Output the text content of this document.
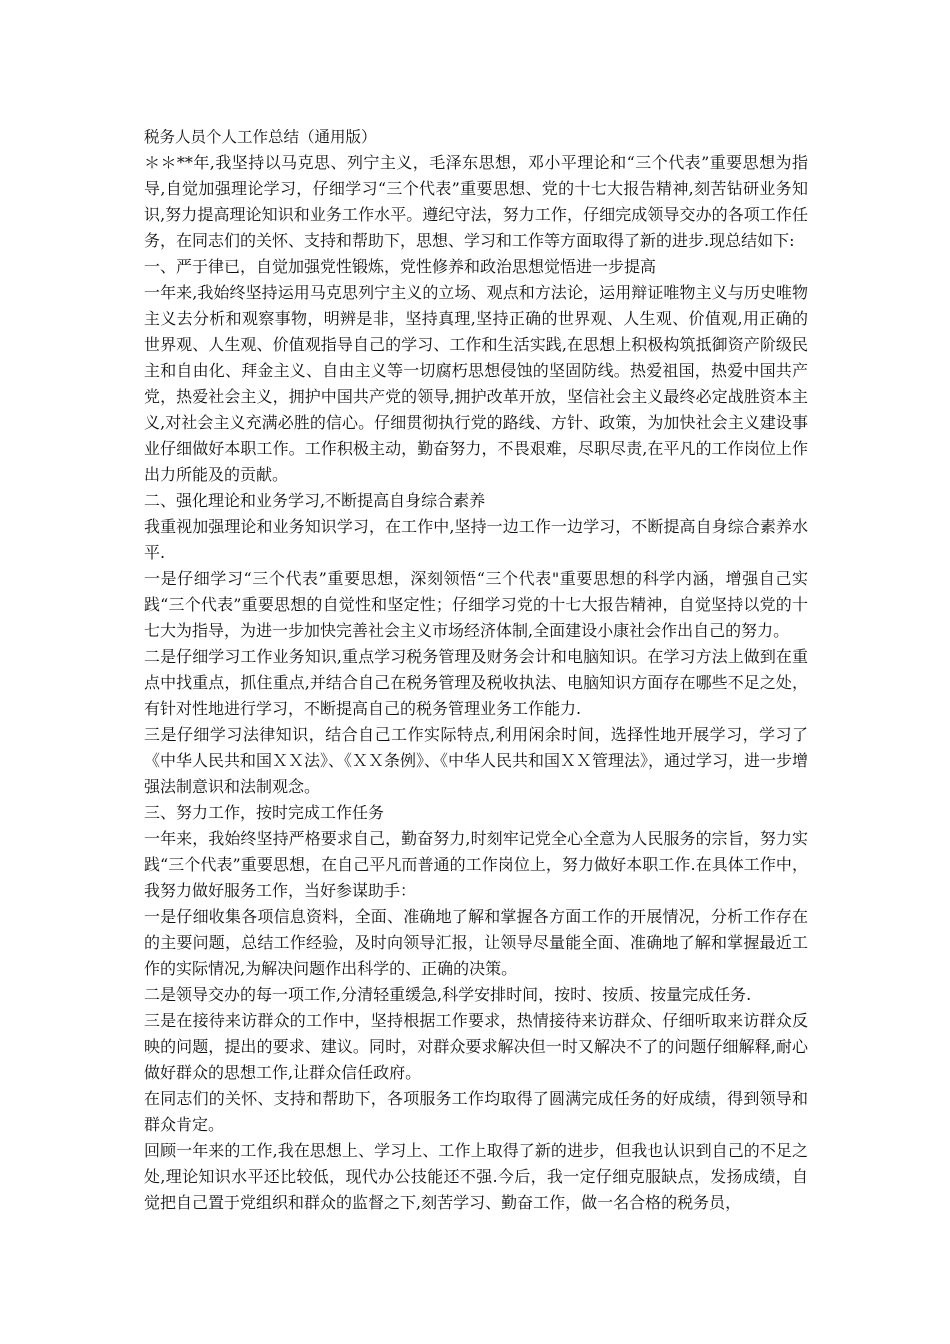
税务人员个人工作总结（通用版）

＊＊**年,我坚持以马克思、列宁主义，毛泽东思想，邓小平理论和“三个代表”重要思想为指导,自觉加强理论学习，仔细学习“三个代表”重要思想、党的十七大报告精神,刻苦钻研业务知识,努力提高理论知识和业务工作水平。遵纪守法，努力工作，仔细完成领导交办的各项工作任务，在同志们的关怀、支持和帮助下，思想、学习和工作等方面取得了新的进步.现总结如下:

一、严于律已，自觉加强党性锻炼，党性修养和政治思想觉悟进一步提高

一年来,我始终坚持运用马克思列宁主义的立场、观点和方法论，运用辩证唯物主义与历史唯物主义去分析和观察事物，明辨是非，坚持真理,坚持正确的世界观、人生观、价值观,用正确的世界观、人生观、价值观指导自己的学习、工作和生活实践,在思想上积极构筑抵御资产阶级民主和自由化、拜金主义、自由主义等一切腐朽思想侵蚀的坚固防线。热爱祖国，热爱中国共产党，热爱社会主义，拥护中国共产党的领导,拥护改革开放，坚信社会主义最终必定战胜资本主义,对社会主义充满必胜的信心。仔细贯彻执行党的路线、方针、政策，为加快社会主义建设事业仔细做好本职工作。工作积极主动，勤奋努力，不畏艰难，尽职尽责,在平凡的工作岗位上作出力所能及的贡献。

二、强化理论和业务学习,不断提高自身综合素养

我重视加强理论和业务知识学习，在工作中,坚持一边工作一边学习，不断提高自身综合素养水平.

一是仔细学习“三个代表”重要思想，深刻领悟“三个代表"重要思想的科学内涵，增强自己实践“三个代表”重要思想的自觉性和坚定性；仔细学习党的十七大报告精神，自觉坚持以党的十七大为指导，为进一步加快完善社会主义市场经济体制,全面建设小康社会作出自己的努力。

二是仔细学习工作业务知识,重点学习税务管理及财务会计和电脑知识。在学习方法上做到在重点中找重点，抓住重点,并结合自己在税务管理及税收执法、电脑知识方面存在哪些不足之处，有针对性地进行学习，不断提高自己的税务管理业务工作能力.

三是仔细学习法律知识，结合自己工作实际特点,利用闲余时间，选择性地开展学习，学习了《中华人民共和国ＸＸ法》、《ＸＸ条例》、《中华人民共和国ＸＸ管理法》，通过学习，进一步增强法制意识和法制观念。

三、努力工作，按时完成工作任务

一年来，我始终坚持严格要求自己，勤奋努力,时刻牢记党全心全意为人民服务的宗旨，努力实践“三个代表”重要思想，在自己平凡而普通的工作岗位上，努力做好本职工作.在具体工作中，我努力做好服务工作，当好参谋助手：

一是仔细收集各项信息资料，全面、准确地了解和掌握各方面工作的开展情况，分析工作存在的主要问题，总结工作经验，及时向领导汇报，让领导尽量能全面、准确地了解和掌握最近工作的实际情况,为解决问题作出科学的、正确的决策。

二是领导交办的每一项工作,分清轻重缓急,科学安排时间，按时、按质、按量完成任务.

三是在接待来访群众的工作中，坚持根据工作要求，热情接待来访群众、仔细听取来访群众反映的问题，提出的要求、建议。同时，对群众要求解决但一时又解决不了的问题仔细解释,耐心做好群众的思想工作,让群众信任政府。

在同志们的关怀、支持和帮助下，各项服务工作均取得了圆满完成任务的好成绩，得到领导和群众肯定。

回顾一年来的工作,我在思想上、学习上、工作上取得了新的进步，但我也认识到自己的不足之处,理论知识水平还比较低，现代办公技能还不强.今后，我一定仔细克服缺点，发扬成绩，自觉把自己置于党组织和群众的监督之下,刻苦学习、勤奋工作，做一名合格的税务员，
